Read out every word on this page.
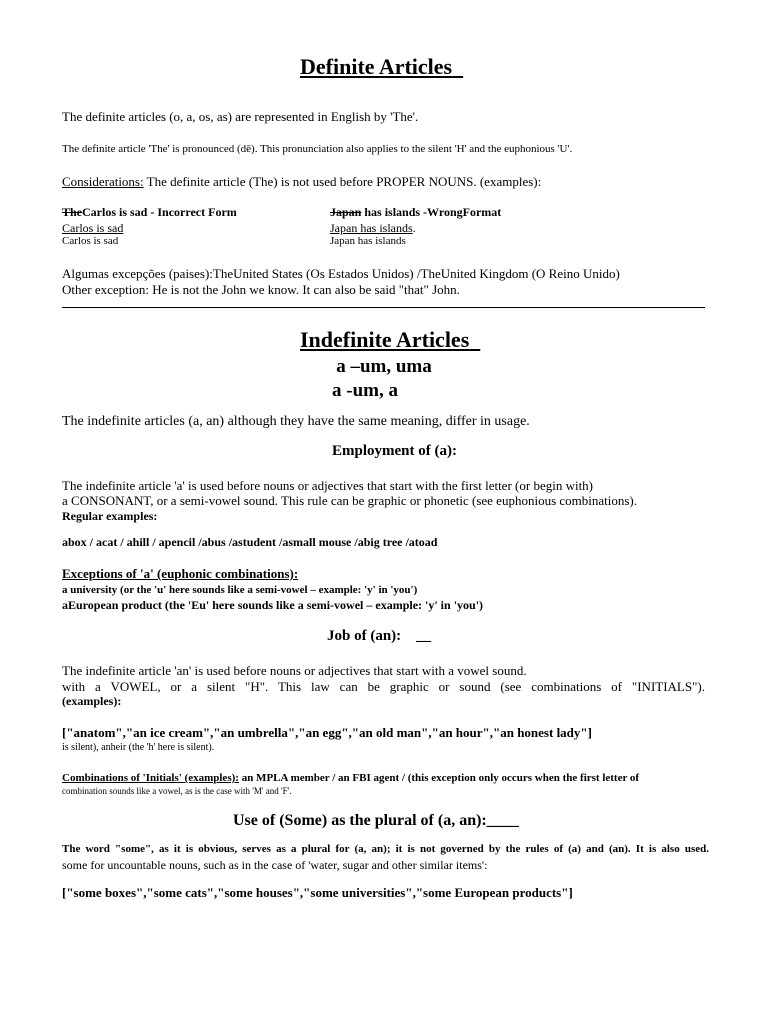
Definite Articles
The definite articles (o, a, os, as) are represented in English by 'The'.
The definite article 'The' is pronounced (dē). This pronunciation also applies to the silent 'H' and the euphonious 'U'.
Considerations: The definite article (The) is not used before PROPER NOUNS. (examples):
TheCarlos is sad - Incorrect Form
Carlos is sad
Carlos is sad
Japan has islands -WrongFormat
Japan has islands.
Japan has islands
Algumas excepções (paises):TheUnited States (Os Estados Unidos) /TheUnited Kingdom (O Reino Unido)
Other exception: He is not the John we know. It can also be said "that" John.
Indefinite Articles
a –um, uma
a -um, a
The indefinite articles (a, an) although they have the same meaning, differ in usage.
Employment of (a):
The indefinite article 'a' is used before nouns or adjectives that start with the first letter (or begin with)
a CONSONANT, or a semi-vowel sound. This rule can be graphic or phonetic (see euphonious combinations).
Regular examples:
abox / acat / ahill / apencil /abus /astudent /asmall mouse /abig tree /atoad
Exceptions of 'a' (euphonic combinations):
a university (or the 'u' here sounds like a semi-vowel – example: 'y' in 'you')
aEuropean product (the 'Eu' here sounds like a semi-vowel – example: 'y' in 'you')
Job of (an): __
The indefinite article 'an' is used before nouns or adjectives that start with a vowel sound.
with a VOWEL, or a silent "H". This law can be graphic or sound (see combinations of "INITIALS").
(examples):
["anatom","an ice cream","an umbrella","an egg","an old man","an hour","an honest lady"]
is silent), anheir (the 'h' here is silent).
Combinations of 'Initials' (examples): an MPLA member / an FBI agent / (this exception only occurs when the first letter of
combination sounds like a vowel, as is the case with 'M' and 'F'.
Use of (Some) as the plural of (a, an):____
The word "some", as it is obvious, serves as a plural for (a, an); it is not governed by the rules of (a) and (an). It is also used.
some for uncountable nouns, such as in the case of 'water, sugar and other similar items':
["some boxes","some cats","some houses","some universities","some European products"]
